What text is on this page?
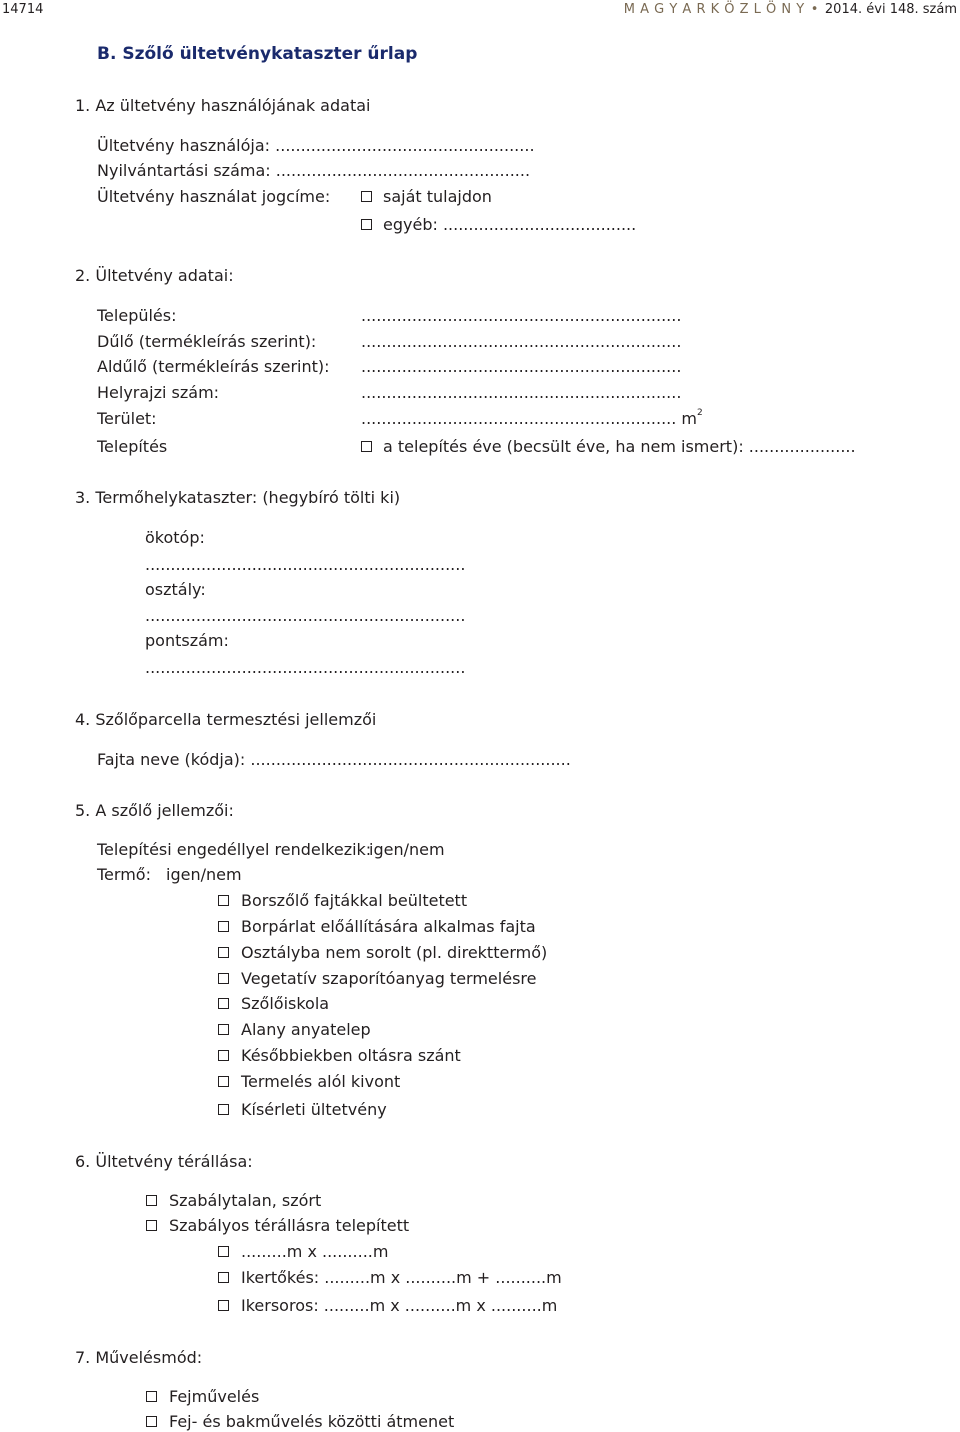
14714	M A G Y A R K Ö Z L Ö N Y • 2014. évi 148. szám
B. Szőlő ültetvénykataszter űrlap
1. Az ültetvény használójának adatai
Ültetvény használója: ...................................................
Nyilvántartási száma: ..................................................
Ültetvény használat jogcíme:	saját tulajdon
egyéb: ......................................
2. Ültetvény adatai:
Település:	...............................................................
Dűlő (termékleírás szerint):	...............................................................
Aldűlő (termékleírás szerint): ...............................................................
Helyrajzi szám:	...............................................................
Terület:	.............................................................. $m^2$
Telepítés	a telepítés éve (becsült éve, ha nem ismert): .....................
3. Termőhelykataszter: (hegybíró tölti ki)
ökotóp:
...............................................................
osztály:
...............................................................
pontszám:
...............................................................
4. Szőlőparcella termesztési jellemzői
Fajta neve (kódja): ...............................................................
5. A szőlő jellemzői:
Telepítési engedéllyel rendelkezik:
igen/nem
Termő: igen/nem
Borszőlő fajtákkal beültetett
Borpárlat előállítására alkalmas fajta
Osztályba nem sorolt (pl. direkttermő)
Vegetatív szaporítóanyag termelésre
Szőlőiskola
Alany anyatelep
Későbbiekben oltásra szánt
Termelés alól kivont
Kísérleti ültetvény
6. Ültetvény térállása:
Szabálytalan, szórt
Szabályos térállásra telepített
.........m x ..........m
Ikertőkés: .........m x ..........m + ..........m
Ikersoros: .........m x ..........m x ..........m
7. Művelésmód:
Fejművelés
Fej- és bakművelés közötti átmenet
